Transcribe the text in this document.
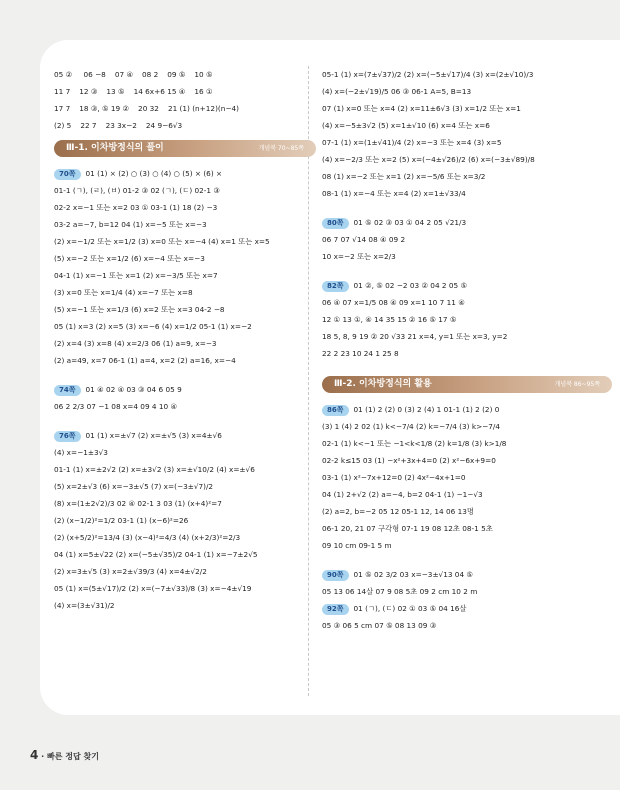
05 ② 06 −8 07 ④ 08 2 09 ⑤ 10 ⑤
11 7 12 ③ 13 ⑤ 14 6x+6 15 ④ 16 ①
17 7 18 ③, ⑤ 19 ② 20 32 21 (1) (n+12)(n−4)
(2) 5 22 7 23 3x−2 24 9−6√3
Ⅲ-1. 이차방정식의 풀이	개념북 70~85쪽
70쪽 01 (1) × (2) ○ (3) ○ (4) ○ (5) × (6) ×
01-1 (ㄱ), (ㄹ), (ㅂ) 01-2 ③ 02 (ㄱ), (ㄷ) 02-1 ③
02-2 x=−1 또는 x=2 03 ① 03-1 (1) 18 (2) −3
03-2 a=−7, b=12 04 (1) x=−5 또는 x=−3
(2) x=−1/2 또는 x=1/2 (3) x=0 또는 x=−4 (4) x=1 또는 x=5
(5) x=−2 또는 x=1/2 (6) x=−4 또는 x=−3
04-1 (1) x=−1 또는 x=1 (2) x=−3/5 또는 x=7
(3) x=0 또는 x=1/4 (4) x=−7 또는 x=8
(5) x=−1 또는 x=1/3 (6) x=2 또는 x=3 04-2 −8
05 (1) x=3 (2) x=5 (3) x=−6 (4) x=1/2 05-1 (1) x=−2
(2) x=4 (3) x=8 (4) x=2/3 06 (1) a=9, x=−3
(2) a=49, x=7 06-1 (1) a=4, x=2 (2) a=16, x=−4
74쪽 01 ④ 02 ④ 03 ③ 04 6 05 9
06 2 2/3 07 −1 08 x=4 09 4 10 ④
76쪽 01 (1) x=±√7 (2) x=±√5 (3) x=4±√6
(4) x=−1±3√3
01-1 (1) x=±2√2 (2) x=±3√2 (3) x=±√10/2 (4) x=±√6
(5) x=2±√3 (6) x=−3±√5 (7) x=(−3±√7)/2
(8) x=(1±2√2)/3 02 ④ 02-1 3 03 (1) (x+4)²=7
(2) (x−1/2)²=1/2 03-1 (1) (x−6)²=26
(2) (x+5/2)²=13/4 (3) (x−4)²=4/3 (4) (x+2/3)²=2/3
04 (1) x=5±√22 (2) x=(−5±√35)/2 04-1 (1) x=−7±2√5
(2) x=3±√5 (3) x=2±√39/3 (4) x=4±√2/2
05 (1) x=(5±√17)/2 (2) x=(−7±√33)/8 (3) x=−4±√19
(4) x=(3±√31)/2
05-1 (1) x=(7±√37)/2 (2) x=(−5±√17)/4 (3) x=(2±√10)/3
(4) x=(−2±√19)/5 06 ③ 06-1 A=5, B=13
07 (1) x=0 또는 x=4 (2) x=11±6√3 (3) x=1/2 또는 x=1
(4) x=−5±3√2 (5) x=1±√10 (6) x=4 또는 x=6
07-1 (1) x=(1±√41)/4 (2) x=−3 또는 x=4 (3) x=5
(4) x=−2/3 또는 x=2 (5) x=(−4±√26)/2 (6) x=(−3±√89)/8
08 (1) x=−2 또는 x=1 (2) x=−5/6 또는 x=3/2
08-1 (1) x=−4 또는 x=4 (2) x=1±√33/4
80쪽 01 ⑤ 02 ③ 03 ① 04 2 05 √21/3
06 7 07 √14 08 ④ 09 2
10 x=−2 또는 x=2/3
82쪽 01 ②, ⑤ 02 −2 03 ② 04 2 05 ⑤
06 ④ 07 x=1/5 08 ④ 09 x=1 10 7 11 ④
12 ① 13 ①, ④ 14 35 15 ② 16 ⑤ 17 ⑤
18 5, 8, 9 19 ② 20 √33 21 x=4, y=1 또는 x=3, y=2
22 2 23 10 24 1 25 8
Ⅲ-2. 이차방정식의 활용	개념북 86~95쪽
86쪽 01 (1) 2 (2) 0 (3) 2 (4) 1 01-1 (1) 2 (2) 0
(3) 1 (4) 2 02 (1) k<−7/4 (2) k=−7/4 (3) k>−7/4
02-1 (1) k<−1 또는 −1<k<1/8 (2) k=1/8 (3) k>1/8
02-2 k≤15 03 (1) −x²+3x+4=0 (2) x²−6x+9=0
03-1 (1) x²−7x+12=0 (2) 4x²−4x+1=0
04 (1) 2+√2 (2) a=−4, b=2 04-1 (1) −1−√3
(2) a=2, b=−2 05 12 05-1 12, 14 06 13명
06-1 20, 21 07 구각형 07-1 19 08 12초 08-1 5초
09 10 cm 09-1 5 m
90쪽 01 ⑤ 02 3/2 03 x=−3±√13 04 ⑤
05 13 06 14살 07 9 08 5초 09 2 cm 10 2 m
92쪽 01 (ㄱ), (ㄷ) 02 ① 03 ⑤ 04 16살
05 ③ 06 5 cm 07 ⑤ 08 13 09 ③
4 · 빠른 정답 찾기
